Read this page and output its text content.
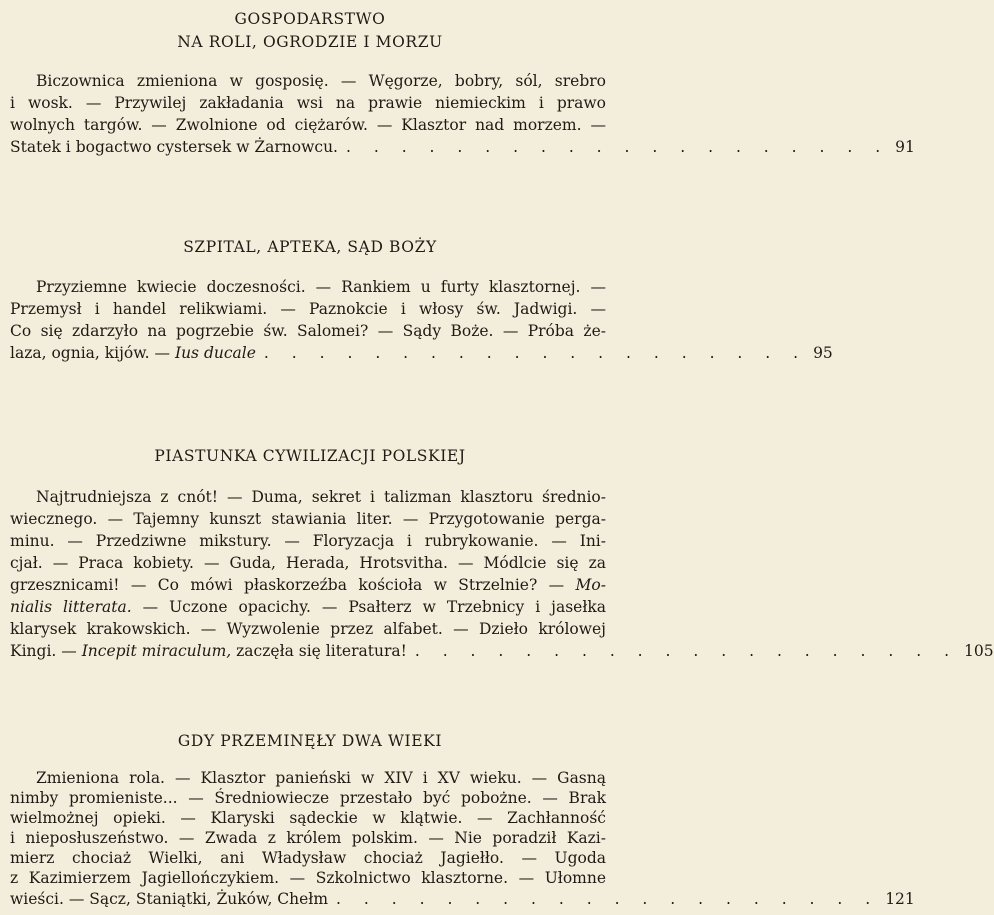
GOSPODARSTWO
NA ROLI, OGRODZIE I MORZU
Biczownica zmieniona w gosposię. — Węgorze, bobry, sól, srebro
i wosk. — Przywilej zakładania wsi na prawie niemieckim i prawo
wolnych targów. — Zwolnione od ciężarów. — Klasztor nad morzem. —
Statek i bogactwo cystersek w Żarnowcu. . . . . . . . . . . . . . . . . . . . . 91
SZPITAL, APTEKA, SĄD BOŻY
Przyziemne kwiecie doczesności. — Rankiem u furty klasztornej. —
Przemysł i handel relikwiami. — Paznokcie i włosy św. Jadwigi. —
Co się zdarzyło na pogrzebie św. Salomei? — Sądy Boże. — Próba że-
laza, ognia, kijów. — Ius ducale . . . . . . . . . . . . . . . . . . . . 95
PIASTUNKA CYWILIZACJI POLSKIEJ
Najtrudniejsza z cnót! — Duma, sekret i talizman klasztoru średnio-
wiecznego. — Tajemny kunszt stawiania liter. — Przygotowanie perga-
minu. — Przedziwne mikstury. — Floryzacja i rubrykowanie. — Ini-
cjał. — Praca kobiety. — Guda, Herada, Hrotsvitha. — Módlcie się za
grzesznicami! — Co mówi płaskorzeźba kościoła w Strzelnie? — Mo-
nialis litterata. — Uczone opacichy. — Psałterz w Trzebnicy i jasełka
klarysek krakowskich. — Wyzwolenie przez alfabet. — Dzieło królowej
Kingi. — Incepit miraculum, zaczęła się literatura! . . . . . . . . . . . . . . . . . . . . 105
GDY PRZEMINĘŁY DWA WIEKI
Zmieniona rola. — Klasztor panieński w XIV i XV wieku. — Gasną
nimby promieniste... — Średniowiecze przestało być pobożne. — Brak
wielmożnej opieki. — Klaryski sądeckie w klątwie. — Zachłanność
i nieposłuszeństwo. — Zwada z królem polskim. — Nie poradził Kazi-
mierz chociaż Wielki, ani Władysław chociaż Jagiełło. — Ugoda
z Kazimierzem Jagiellończykiem. — Szkolnictwo klasztorne. — Ułomne
wieści. — Sącz, Staniątki, Żuków, Chełm . . . . . . . . . . . . . . . . . . . . 121
